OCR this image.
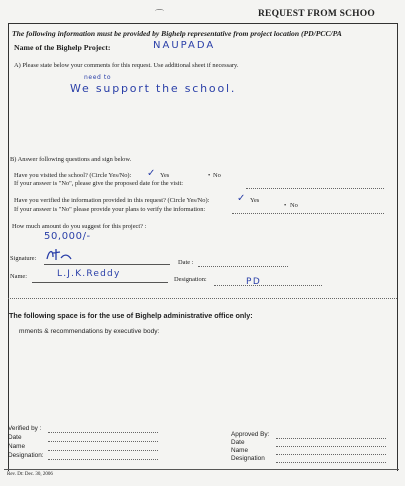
REQUEST FROM SCHOO
⌒
The following information must be provided by Bighelp representative from project location (PD/PCC/PA
Name of the Bighelp Project:	NAUPADA
A) Please state below your comments for this request. Use additional sheet if necessary.
need to
We support the school.
B) Answer following questions and sign below.
Have you visited the school? (Circle Yes/No): ✓ Yes	• No
If your answer is "No", please give the proposed date for the visit:
Have you verified the information provided in this request? (Circle Yes/No):	✓ Yes
• No
If your answer is "No" please provide your plans to verify the information:
How much amount do you suggest for this project? :
50,000/-
Signature:
Date :
Name:	L.J.K.Reddy
Designation:	PD
The following space is for the use of Bighelp administrative office only:
mments & recommendations by executive body:
Verified by :
Date
Name
Designation:
Approved By:
Date
Name
Designation
Rev. Dt: Dec. 30, 2006
